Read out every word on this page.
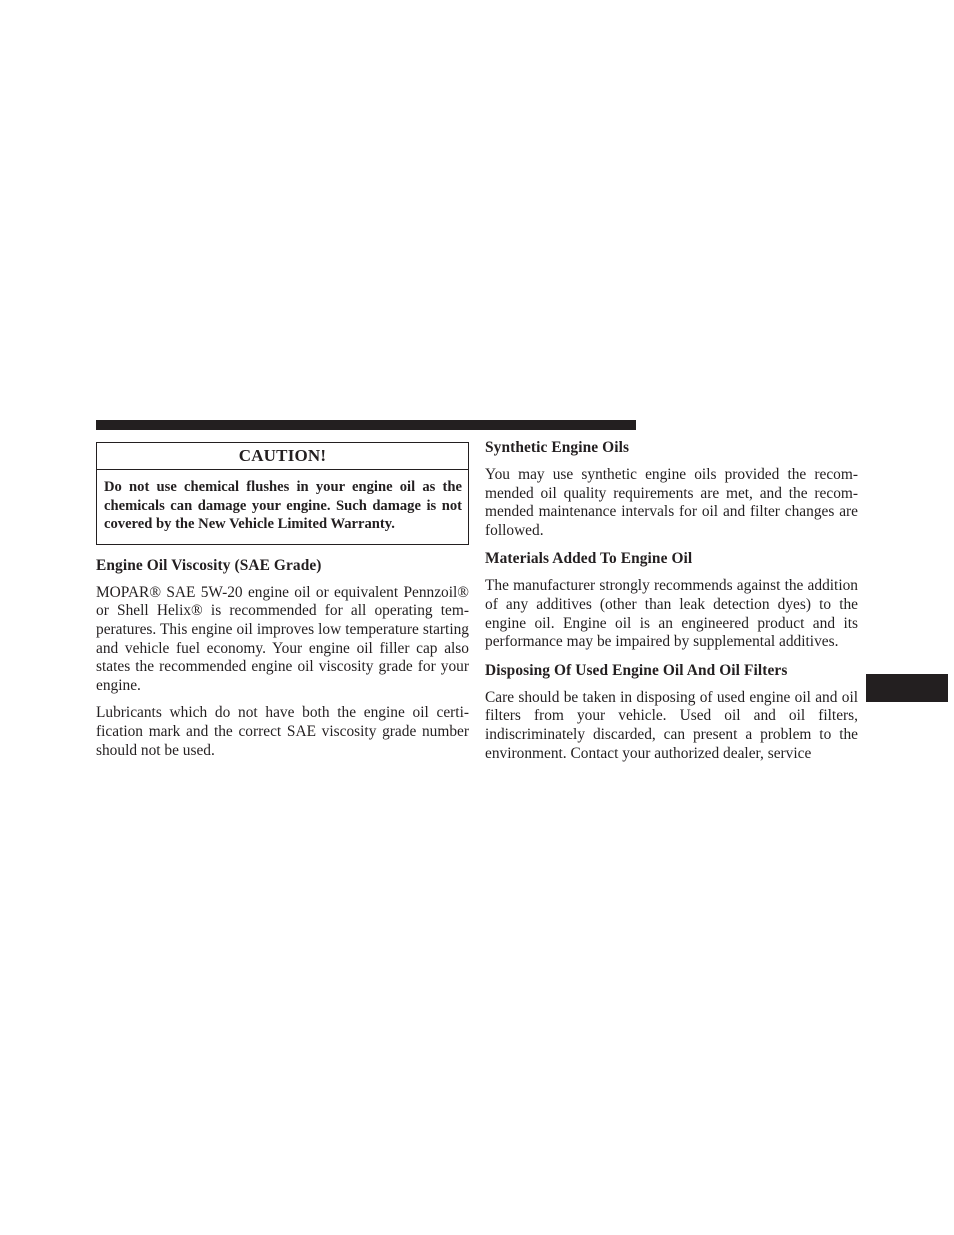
CAUTION!
Do not use chemical flushes in your engine oil as the chemicals can damage your engine. Such damage is not covered by the New Vehicle Limited Warranty.
Engine Oil Viscosity (SAE Grade)

MOPAR® SAE 5W-20 engine oil or equivalent Pennzoil® or Shell Helix® is recommended for all operating temperatures. This engine oil improves low temperature starting and vehicle fuel economy. Your engine oil filler cap also states the recommended engine oil viscosity grade for your engine.

Lubricants which do not have both the engine oil certification mark and the correct SAE viscosity grade number should not be used.

Synthetic Engine Oils

You may use synthetic engine oils provided the recommended oil quality requirements are met, and the recommended maintenance intervals for oil and filter changes are followed.

Materials Added To Engine Oil

The manufacturer strongly recommends against the addition of any additives (other than leak detection dyes) to the engine oil. Engine oil is an engineered product and its performance may be impaired by supplemental additives.

Disposing Of Used Engine Oil And Oil Filters

Care should be taken in disposing of used engine oil and oil filters from your vehicle. Used oil and oil filters, indiscriminately discarded, can present a problem to the environment. Contact your authorized dealer, service
